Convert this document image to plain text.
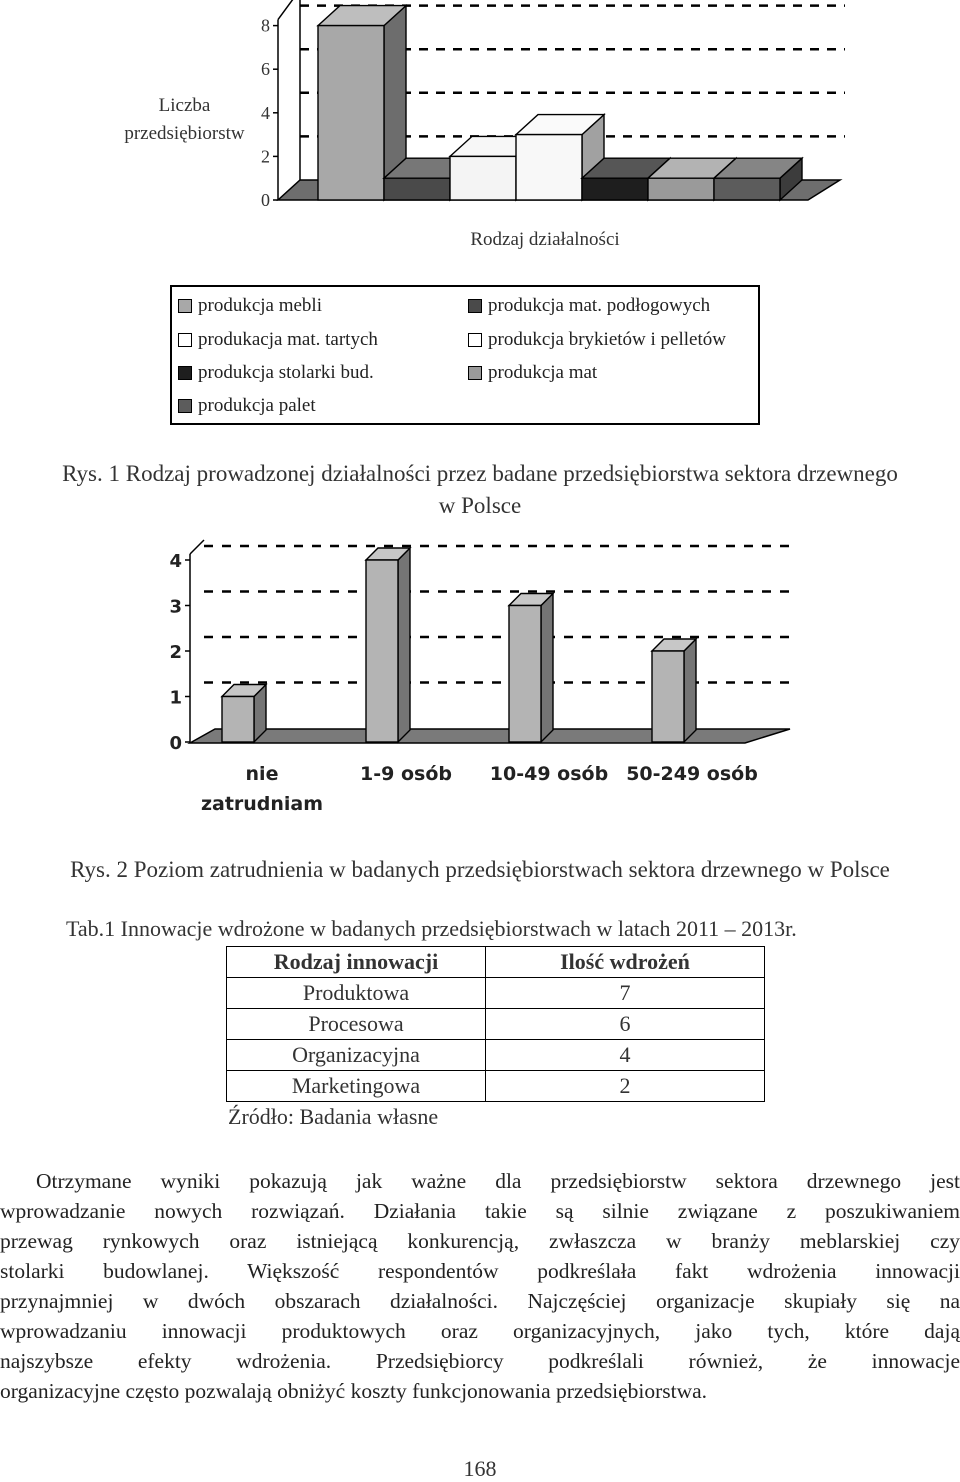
Liczba
przedsiębiorstw
0
2
4
6
8
Rodzaj działalności
produkcja mebli
produkacja mat. tartych
produkcja stolarki bud.
produkcja palet
produkcja mat. podłogowych
produkcja brykietów i pelletów
produkcja mat
Rys. 1 Rodzaj prowadzonej działalności przez badane przedsiębiorstwa sektora drzewnego
w Polsce
0
1
2
3
4
nie
zatrudniam
1-9 osób 10-49 osób 50-249 osób
Rys. 2 Poziom zatrudnienia w badanych przedsiębiorstwach sektora drzewnego w Polsce
Tab.1 Innowacje wdrożone w badanych przedsiębiorstwach w latach 2011 – 2013r.
Rodzaj innowacji	Ilość wdrożeń
Produktowa	7
Procesowa	6
Organizacyjna	4
Marketingowa	2
Źródło: Badania własne
Otrzymane wyniki pokazują jak ważne dla przedsiębiorstw sektora drzewnego jest
wprowadzanie nowych rozwiązań. Działania takie są silnie związane z poszukiwaniem
przewag rynkowych oraz istniejącą konkurencją, zwłaszcza w branży meblarskiej czy
stolarki budowlanej. Większość respondentów podkreślała fakt wdrożenia innowacji
przynajmniej w dwóch obszarach działalności. Najczęściej organizacje skupiały się na
wprowadzaniu innowacji produktowych oraz organizacyjnych, jako tych, które dają
najszybsze efekty wdrożenia. Przedsiębiorcy podkreślali również, że innowacje
organizacyjne często pozwalają obniżyć koszty funkcjonowania przedsiębiorstwa.
168
